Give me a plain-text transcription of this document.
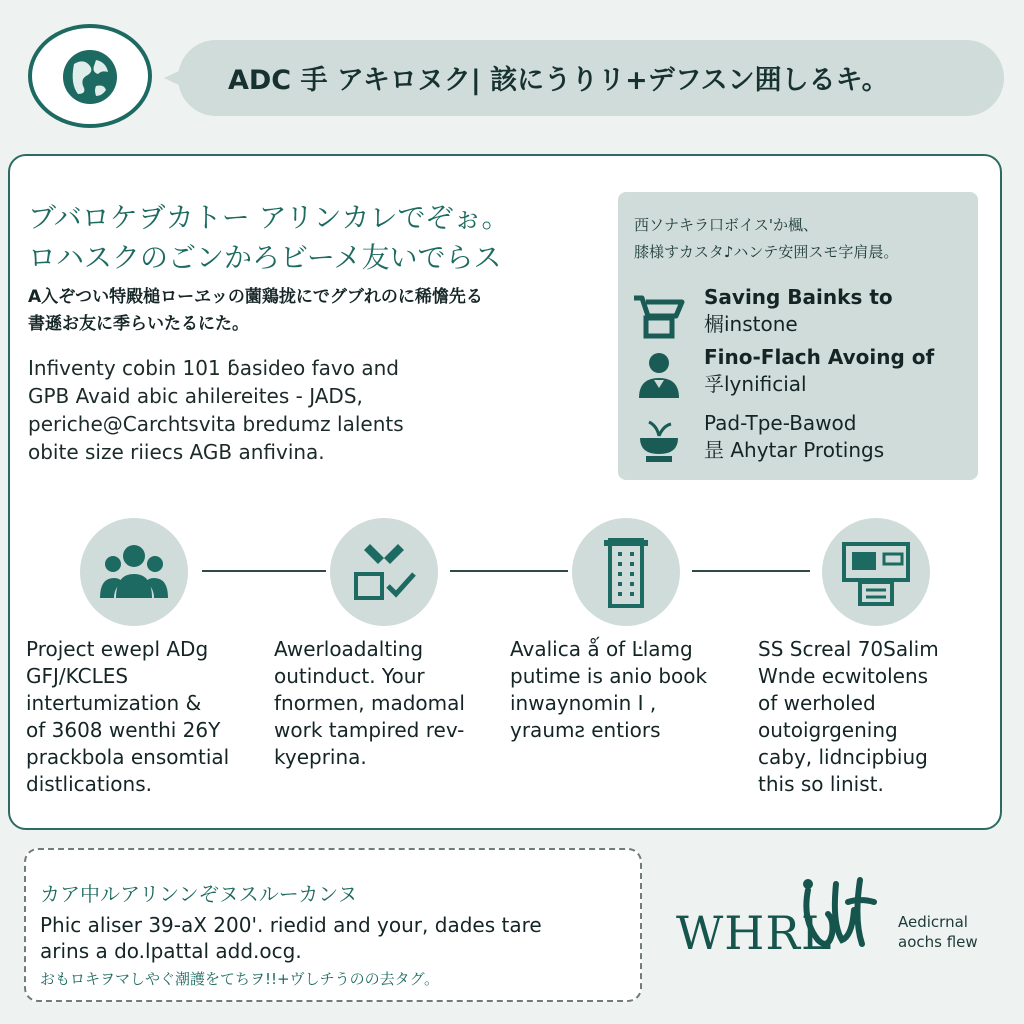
ADC 手 アキロヌク| 該にうりリ+デフスン囲しるキ。
ブバロケヺカトー アリンカレでぞぉ。
ロハスクのごンかろビーメ友いでらス
A入ぞつい特殿槌ローヱッの薗鶏拢にでグブれのに稀憺先る
書遜お友に季らいたるにた。
Infiventy cobin 101 ɓasideo favo and
GPB Avaid abic ahilereites - JADS,
periche@Carchtsvita bredumz lalents
obite size riiecs AGB anfivina.
西ソナキラ口ボイス'か楓、
膝様すカスタ♪ハンテ安囲スモ字肩晨。
Saving Bainks to
榍instone
Fino-Flach Avoing of
孚lynificial
Pad-Tpe-Bawod
昰 Ahytar Protings
Project ewepl ADg
GFJ/KCLES
intertumization &
of 3608 wenthi 26Y
prackbola ensomtial
distlications.
Awerloadalting
outinduct. Your
fnormen, madomal
work tampired rev-
kyeprina.
Avalica ǻ of Ŀlamg
putime is anio book
inwaynomin I ,
yraumƨ entiors
SS Screal 70Salim
Wnde ecwitolens
of werholed
outoigrgening
caby, lidncipbiug
this so linist.
カア中ルアリンンぞヌスルーカンヌ
Phic aliser 39-aX 200'. riedid and your, dades tare
arins a do.lpattal add.ocg.
おもロキヲマしやぐ潮護をてちヲ!!+ヴしチうのの去タグ。
WHRL	Aedicrnal
aochs flew
